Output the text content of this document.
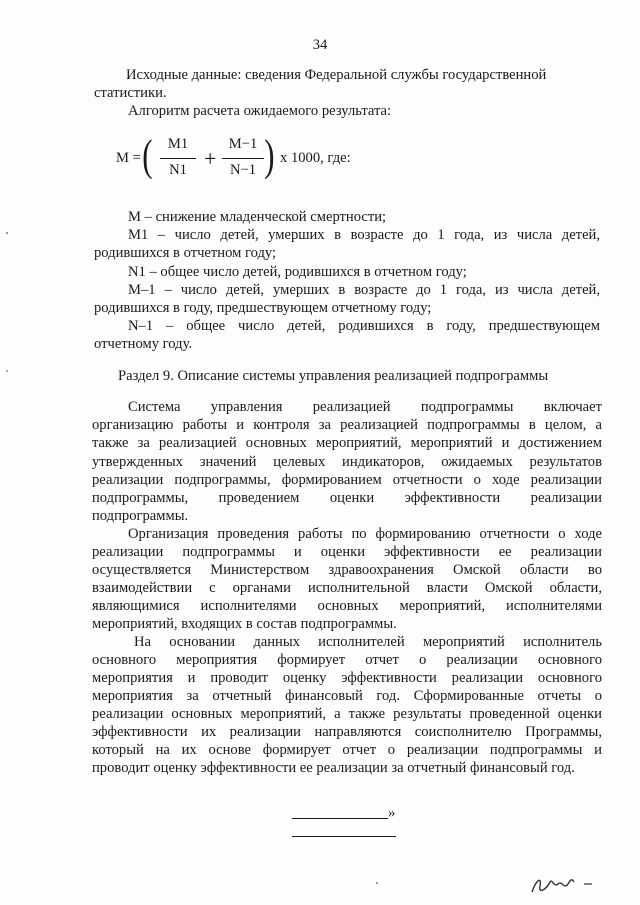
34
Исходные данные: сведения Федеральной службы государственной
статистики.
Алгоритм расчета ожидаемого результата:
M = (	M1
N1 +
M−1
N−1 ) х 1000, где:
M – снижение младенческой смертности;
M1 – число детей, умерших в возрасте до 1 года, из числа детей,
родившихся в отчетном году;
N1 – общее число детей, родившихся в отчетном году;
M–1 – число детей, умерших в возрасте до 1 года, из числа детей,
родившихся в году, предшествующем отчетному году;
N–1 – общее число детей, родившихся в году, предшествующем
отчетному году.
Раздел 9. Описание системы управления реализацией подпрограммы
Система управления реализацией подпрограммы включает
организацию работы и контроля за реализацией подпрограммы в целом, а
также за реализацией основных мероприятий, мероприятий и достижением
утвержденных значений целевых индикаторов, ожидаемых результатов
реализации подпрограммы, формированием отчетности о ходе реализации
подпрограммы, проведением оценки эффективности реализации
подпрограммы.
Организация проведения работы по формированию отчетности о ходе
реализации подпрограммы и оценки эффективности ее реализации
осуществляется Министерством здравоохранения Омской области во
взаимодействии с органами исполнительной власти Омской области,
являющимися исполнителями основных мероприятий, исполнителями
мероприятий, входящих в состав подпрограммы.
На основании данных исполнителей мероприятий исполнитель
основного мероприятия формирует отчет о реализации основного
мероприятия и проводит оценку эффективности реализации основного
мероприятия за отчетный финансовый год. Сформированные отчеты о
реализации основных мероприятий, а также результаты проведенной оценки
эффективности их реализации направляются соисполнителю Программы,
который на их основе формирует отчет о реализации подпрограммы и
проводит оценку эффективности ее реализации за отчетный финансовый год.
»
